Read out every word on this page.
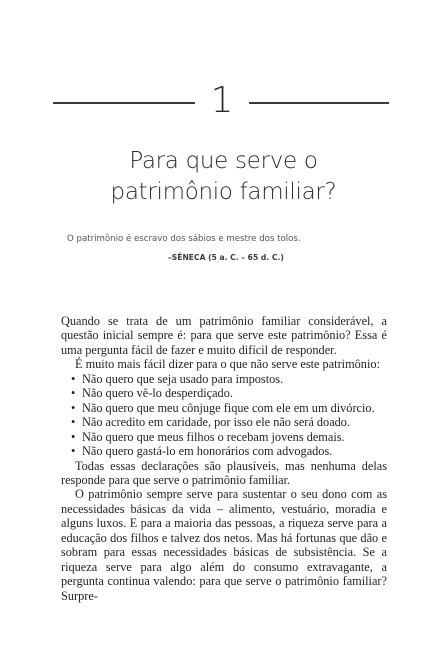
1
Para que serve o
patrimônio familiar?
O patrimônio é escravo dos sábios e mestre dos tolos.
–SÊNECA (5 a. C. – 65 d. C.)

Quando se trata de um patrimônio familiar considerável, a questão inicial sempre é: para que serve este patrimônio? Essa é uma pergunta fácil de fazer e muito difícil de responder.

É muito mais fácil dizer para o que não serve este patrimônio:

• Não quero que seja usado para impostos.
• Não quero vê-lo desperdiçado.
• Não quero que meu cônjuge fique com ele em um divórcio.
• Não acredito em caridade, por isso ele não será doado.
• Não quero que meus filhos o recebam jovens demais.
• Não quero gastá-lo em honorários com advogados.

Todas essas declarações são plausíveis, mas nenhuma delas responde para que serve o patrimônio familiar.

O patrimônio sempre serve para sustentar o seu dono com as necessidades básicas da vida – alimento, vestuário, moradia e alguns luxos. E para a maioria das pessoas, a riqueza serve para a educação dos filhos e talvez dos netos. Mas há fortunas que dão e sobram para essas necessidades básicas de subsistência. Se a riqueza serve para algo além do consumo extravagante, a pergunta continua valendo: para que serve o patrimônio familiar? Surpre-
